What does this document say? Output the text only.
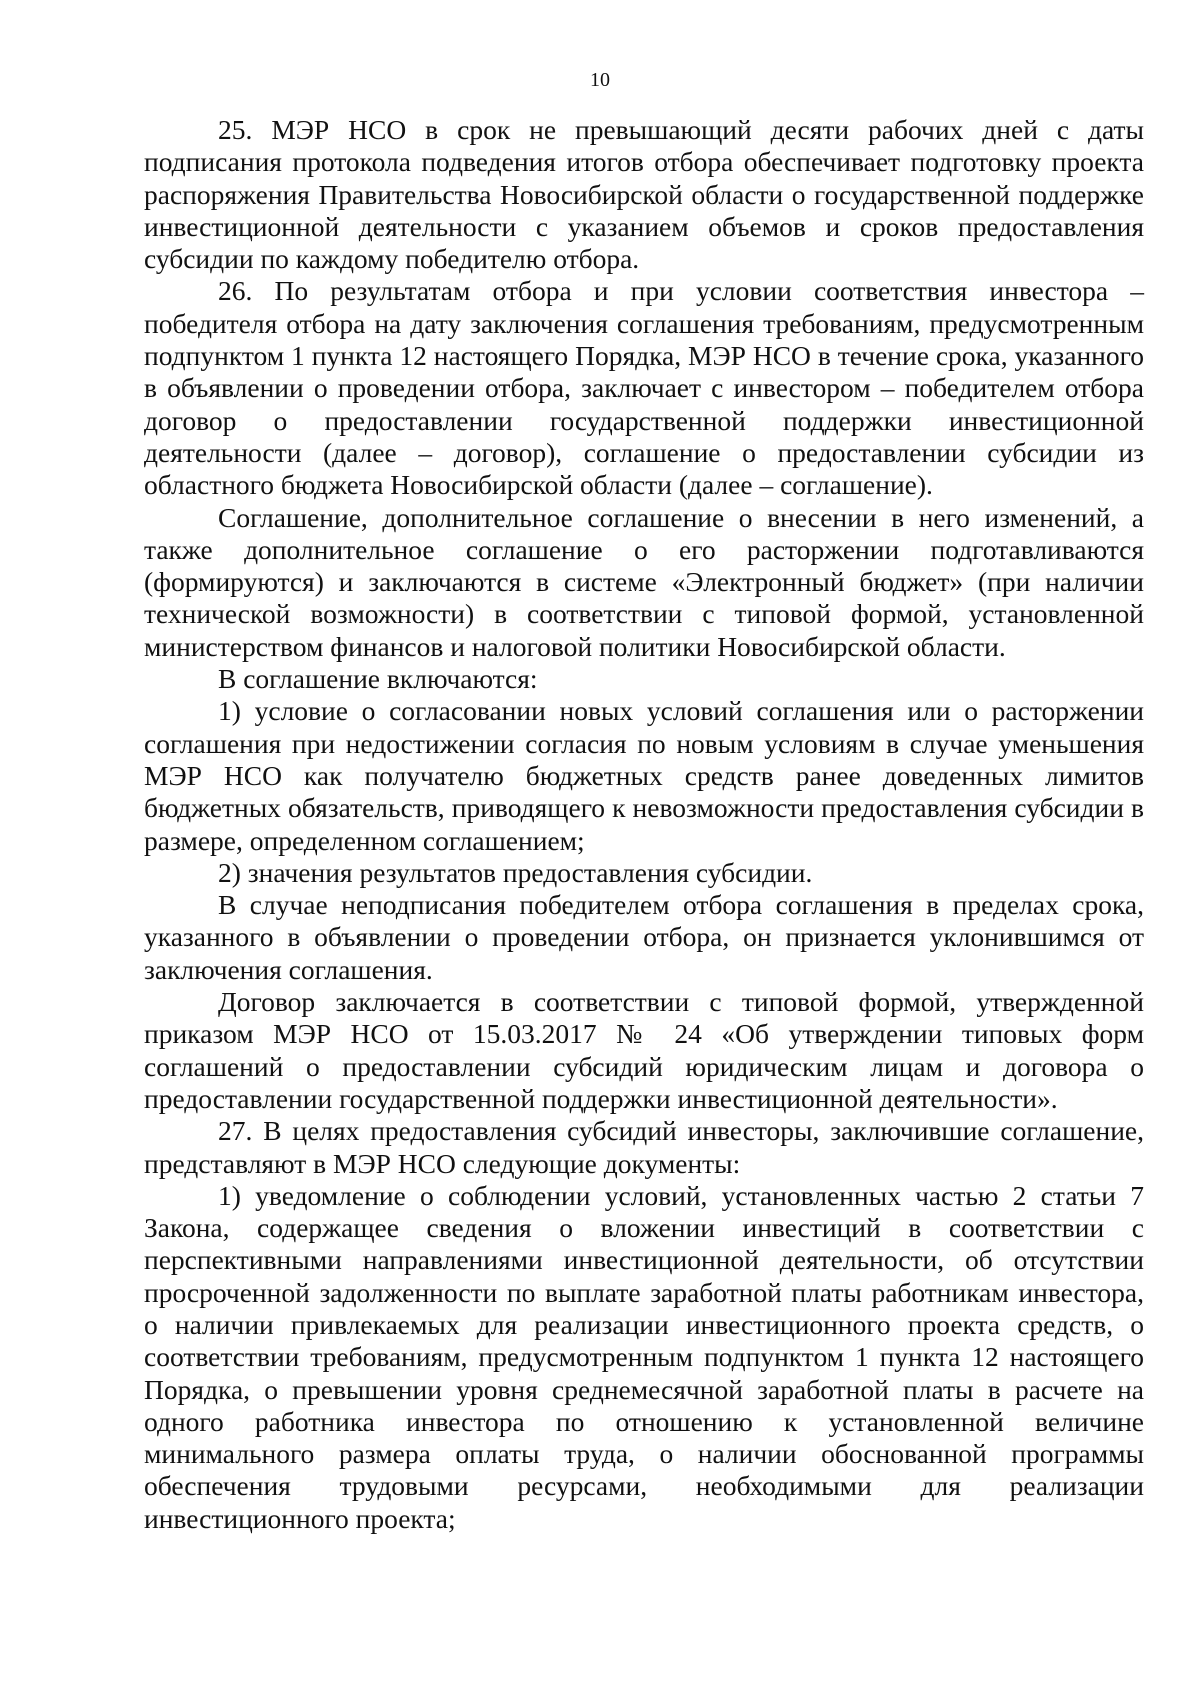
10

25. МЭР НСО в срок не превышающий десяти рабочих дней с даты подписания протокола подведения итогов отбора обеспечивает подготовку проекта распоряжения Правительства Новосибирской области о государственной поддержке инвестиционной деятельности с указанием объемов и сроков предоставления субсидии по каждому победителю отбора.

26. По результатам отбора и при условии соответствия инвестора – победителя отбора на дату заключения соглашения требованиям, предусмотренным подпунктом 1 пункта 12 настоящего Порядка, МЭР НСО в течение срока, указанного в объявлении о проведении отбора, заключает с инвестором – победителем отбора договор о предоставлении государственной поддержки инвестиционной деятельности (далее – договор), соглашение о предоставлении субсидии из областного бюджета Новосибирской области (далее – соглашение).

Соглашение, дополнительное соглашение о внесении в него изменений, а также дополнительное соглашение о его расторжении подготавливаются (формируются) и заключаются в системе «Электронный бюджет» (при наличии технической возможности) в соответствии с типовой формой, установленной министерством финансов и налоговой политики Новосибирской области.

В соглашение включаются:

1) условие о согласовании новых условий соглашения или о расторжении соглашения при недостижении согласия по новым условиям в случае уменьшения МЭР НСО как получателю бюджетных средств ранее доведенных лимитов бюджетных обязательств, приводящего к невозможности предоставления субсидии в размере, определенном соглашением;

2) значения результатов предоставления субсидии.

В случае неподписания победителем отбора соглашения в пределах срока, указанного в объявлении о проведении отбора, он признается уклонившимся от заключения соглашения.

Договор заключается в соответствии с типовой формой, утвержденной приказом МЭР НСО от 15.03.2017 № 24 «Об утверждении типовых форм соглашений о предоставлении субсидий юридическим лицам и договора о предоставлении государственной поддержки инвестиционной деятельности».

27. В целях предоставления субсидий инвесторы, заключившие соглашение, представляют в МЭР НСО следующие документы:

1) уведомление о соблюдении условий, установленных частью 2 статьи 7 Закона, содержащее сведения о вложении инвестиций в соответствии с перспективными направлениями инвестиционной деятельности, об отсутствии просроченной задолженности по выплате заработной платы работникам инвестора, о наличии привлекаемых для реализации инвестиционного проекта средств, о соответствии требованиям, предусмотренным подпунктом 1 пункта 12 настоящего Порядка, о превышении уровня среднемесячной заработной платы в расчете на одного работника инвестора по отношению к установленной величине минимального размера оплаты труда, о наличии обоснованной программы обеспечения трудовыми ресурсами, необходимыми для реализации инвестиционного проекта;
